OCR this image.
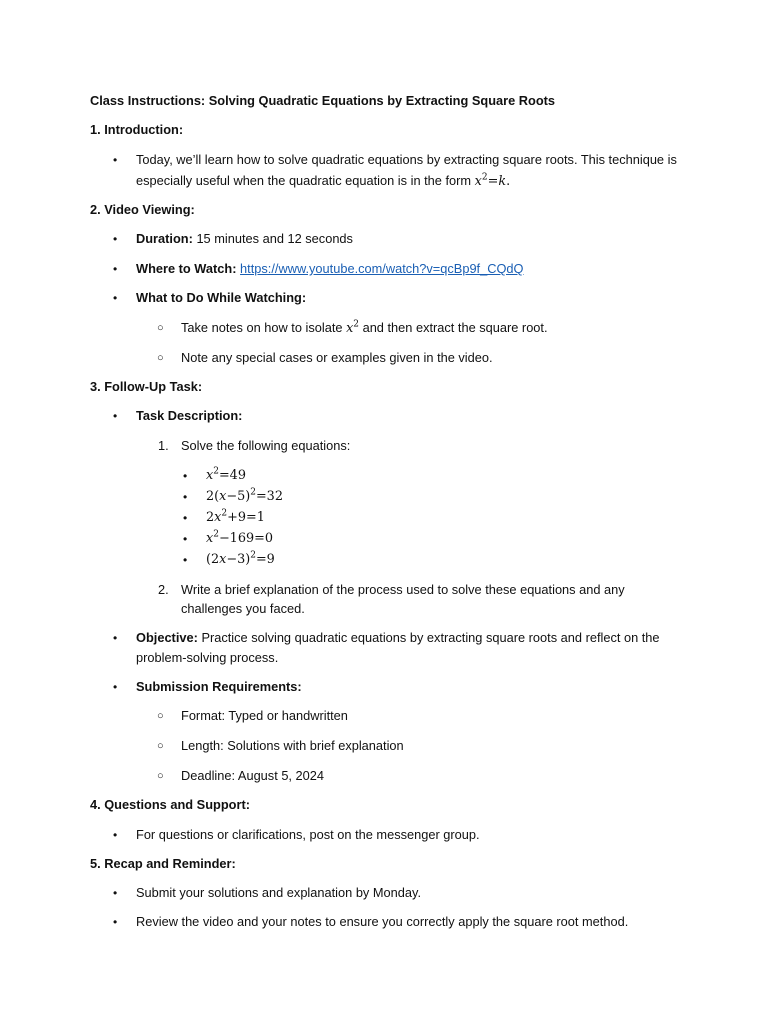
Class Instructions: Solving Quadratic Equations by Extracting Square Roots

1. Introduction:

• Today, we’ll learn how to solve quadratic equations by extracting square roots. This technique is

especially useful when the quadratic equation is in the form $x^2=k$.

2. Video Viewing:

• Duration: 15 minutes and 12 seconds

• Where to Watch: https://www.youtube.com/watch?v=qcBp9f_CQdQ

• What to Do While Watching:

○ Take notes on how to isolate $x^2$ and then extract the square root.

○ Note any special cases or examples given in the video.

3. Follow-Up Task:

• Task Description:

1. Solve the following equations:

• $x^2=49$

• $2(x-5)^2=32$

• $2x^2+9=1$

• $x^2-169=0$

• $(2x-3)^2=9$

2. Write a brief explanation of the process used to solve these equations and any

challenges you faced.

• Objective: Practice solving quadratic equations by extracting square roots and reflect on the

problem-solving process.

• Submission Requirements:

○ Format: Typed or handwritten

○ Length: Solutions with brief explanation

○ Deadline: August 5, 2024

4. Questions and Support:

• For questions or clarifications, post on the messenger group.

5. Recap and Reminder:

• Submit your solutions and explanation by Monday.

• Review the video and your notes to ensure you correctly apply the square root method.
